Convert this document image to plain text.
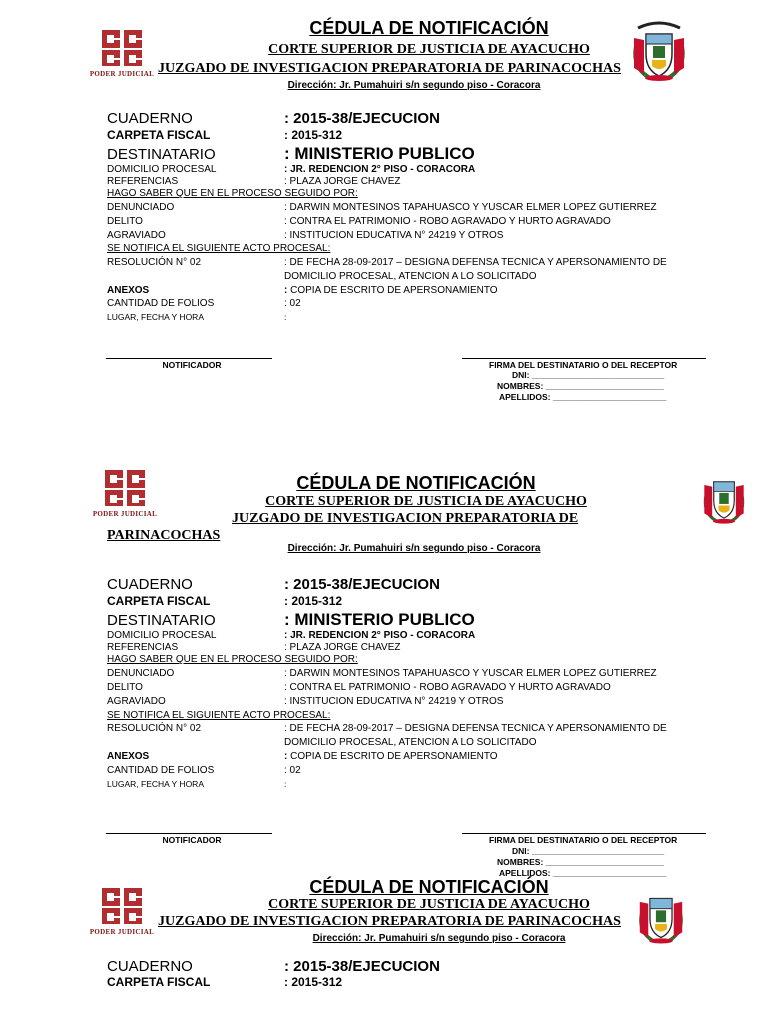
PODER JUDICIAL
CÉDULA DE NOTIFICACIÓN
CORTE SUPERIOR DE JUSTICIA DE AYACUCHO
JUZGADO DE INVESTIGACION PREPARATORIA DE PARINACOCHAS
Dirección: Jr. Pumahuiri s/n segundo piso - Coracora
CUADERNO	: 2015-38/EJECUCION
CARPETA FISCAL	: 2015-312
DESTINATARIO	: MINISTERIO PUBLICO
DOMICILIO PROCESAL	: JR. REDENCION 2° PISO - CORACORA
REFERENCIAS	: PLAZA JORGE CHAVEZ
HAGO SABER QUE EN EL PROCESO SEGUIDO POR:
DENUNCIADO	: DARWIN MONTESINOS TAPAHUASCO Y YUSCAR ELMER LOPEZ GUTIERREZ
DELITO	: CONTRA EL PATRIMONIO - ROBO AGRAVADO Y HURTO AGRAVADO
AGRAVIADO	: INSTITUCION EDUCATIVA N° 24219 Y OTROS
SE NOTIFICA EL SIGUIENTE ACTO PROCESAL:
RESOLUCIÓN N° 02	: DE FECHA 28-09-2017 – DESIGNA DEFENSA TECNICA Y APERSONAMIENTO DE
DOMICILIO PROCESAL, ATENCION A LO SOLICITADO
ANEXOS	: COPIA DE ESCRITO DE APERSONAMIENTO
CANTIDAD DE FOLIOS	: 02
LUGAR, FECHA Y HORA	:
NOTIFICADOR	FIRMA DEL DESTINATARIO O DEL RECEPTOR
DNI: ____________________________
NOMBRES: _________________________
APELLIDOS: ________________________
PODER JUDICIAL
CÉDULA DE NOTIFICACIÓN
CORTE SUPERIOR DE JUSTICIA DE AYACUCHO
JUZGADO DE INVESTIGACION PREPARATORIA DE
PARINACOCHAS
Dirección: Jr. Pumahuiri s/n segundo piso - Coracora
CUADERNO	: 2015-38/EJECUCION
CARPETA FISCAL	: 2015-312
DESTINATARIO	: MINISTERIO PUBLICO
DOMICILIO PROCESAL	: JR. REDENCION 2° PISO - CORACORA
REFERENCIAS	: PLAZA JORGE CHAVEZ
HAGO SABER QUE EN EL PROCESO SEGUIDO POR:
DENUNCIADO	: DARWIN MONTESINOS TAPAHUASCO Y YUSCAR ELMER LOPEZ GUTIERREZ
DELITO	: CONTRA EL PATRIMONIO - ROBO AGRAVADO Y HURTO AGRAVADO
AGRAVIADO	: INSTITUCION EDUCATIVA N° 24219 Y OTROS
SE NOTIFICA EL SIGUIENTE ACTO PROCESAL:
RESOLUCIÓN N° 02	: DE FECHA 28-09-2017 – DESIGNA DEFENSA TECNICA Y APERSONAMIENTO DE
DOMICILIO PROCESAL, ATENCION A LO SOLICITADO
ANEXOS	: COPIA DE ESCRITO DE APERSONAMIENTO
CANTIDAD DE FOLIOS	: 02
LUGAR, FECHA Y HORA	:
NOTIFICADOR	FIRMA DEL DESTINATARIO O DEL RECEPTOR
DNI: ____________________________
NOMBRES: _________________________
APELLIDOS: ________________________
PODER JUDICIAL
CÉDULA DE NOTIFICACIÓN
CORTE SUPERIOR DE JUSTICIA DE AYACUCHO
JUZGADO DE INVESTIGACION PREPARATORIA DE PARINACOCHAS
Dirección: Jr. Pumahuiri s/n segundo piso - Coracora
CUADERNO	: 2015-38/EJECUCION
CARPETA FISCAL	: 2015-312
